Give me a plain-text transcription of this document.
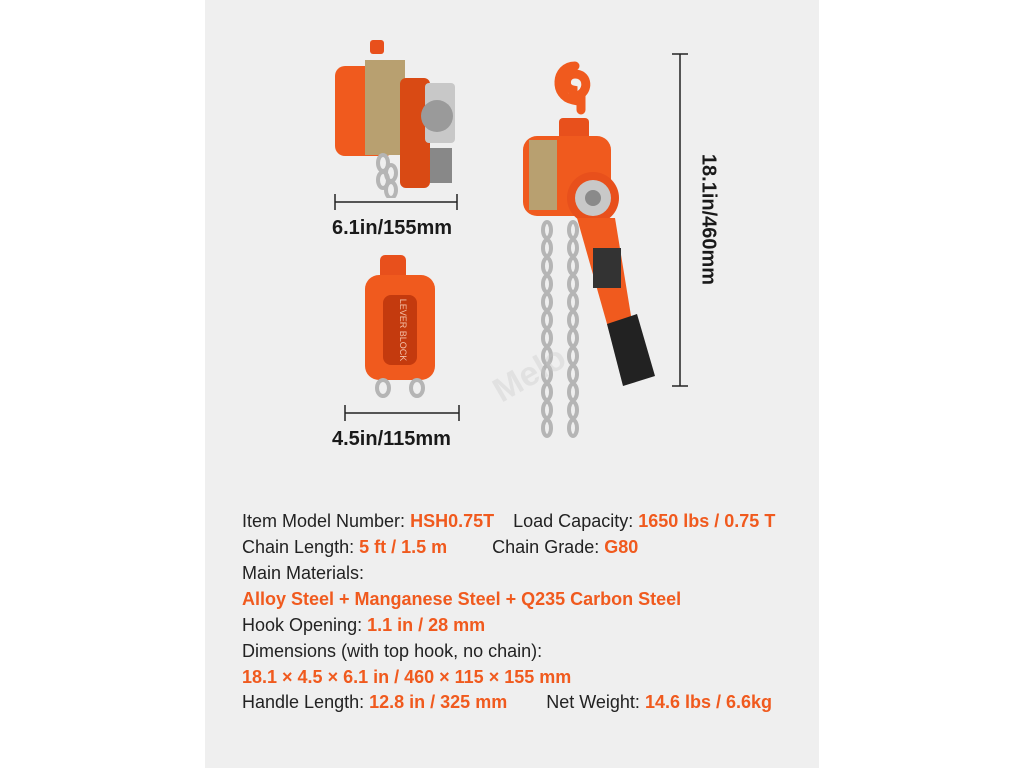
6.1in/155mm
LEVER BLOCK
4.5in/115mm
Melo
18.1in/460mm
Item Model Number: HSH0.75T Load Capacity: 1650 lbs / 0.75 T
Chain Length: 5 ft / 1.5 m	Chain Grade: G80
Main Materials:
Alloy Steel + Manganese Steel + Q235 Carbon Steel
Hook Opening: 1.1 in / 28 mm
Dimensions (with top hook, no chain):
18.1 × 4.5 × 6.1 in / 460 × 115 × 155 mm
Handle Length: 12.8 in / 325 mm Net Weight: 14.6 lbs / 6.6kg
